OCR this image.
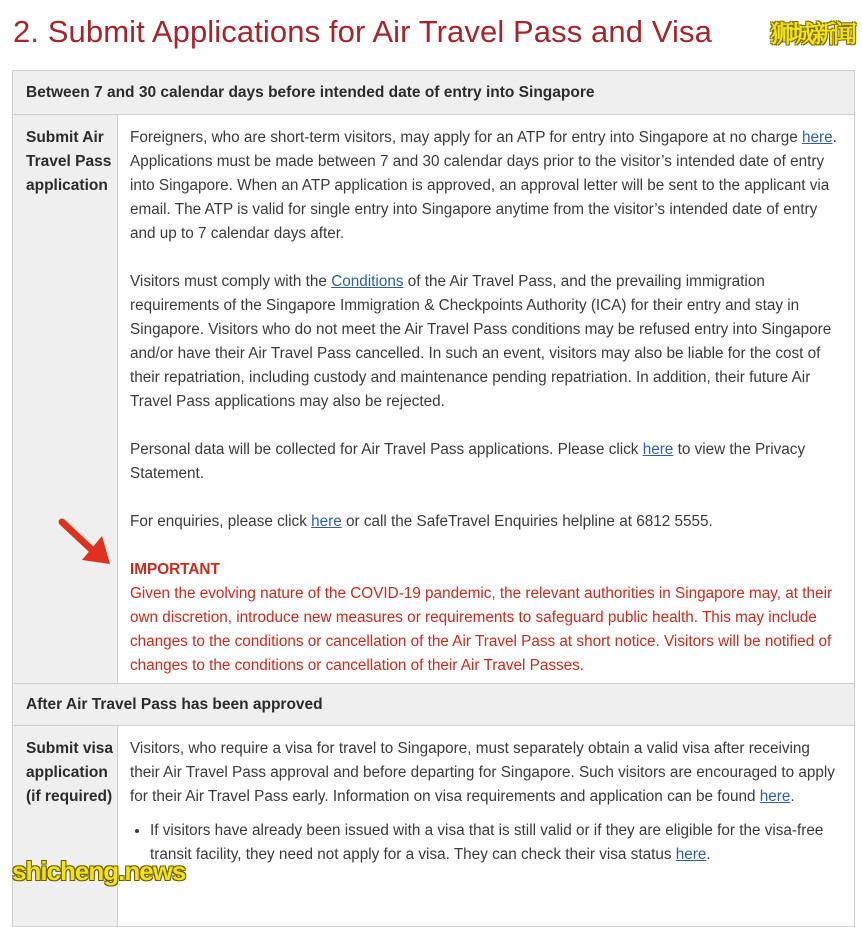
2. Submit Applications for Air Travel Pass and Visa 狮城新闻
Between 7 and 30 calendar days before intended date of entry into Singapore
Submit Air Travel Pass application

Foreigners, who are short-term visitors, may apply for an ATP for entry into Singapore at no charge here. Applications must be made between 7 and 30 calendar days prior to the visitor’s intended date of entry into Singapore. When an ATP application is approved, an approval letter will be sent to the applicant via email. The ATP is valid for single entry into Singapore anytime from the visitor’s intended date of entry and up to 7 calendar days after.

Visitors must comply with the Conditions of the Air Travel Pass, and the prevailing immigration requirements of the Singapore Immigration & Checkpoints Authority (ICA) for their entry and stay in Singapore. Visitors who do not meet the Air Travel Pass conditions may be refused entry into Singapore and/or have their Air Travel Pass cancelled. In such an event, visitors may also be liable for the cost of their repatriation, including custody and maintenance pending repatriation. In addition, their future Air Travel Pass applications may also be rejected.

Personal data will be collected for Air Travel Pass applications. Please click here to view the Privacy Statement.

For enquiries, please click here or call the SafeTravel Enquiries helpline at 6812 5555.

IMPORTANT
Given the evolving nature of the COVID-19 pandemic, the relevant authorities in Singapore may, at their own discretion, introduce new measures or requirements to safeguard public health. This may include changes to the conditions or cancellation of the Air Travel Pass at short notice. Visitors will be notified of changes to the conditions or cancellation of their Air Travel Passes.
After Air Travel Pass has been approved
Submit visa application (if required)

Visitors, who require a visa for travel to Singapore, must separately obtain a valid visa after receiving their Air Travel Pass approval and before departing for Singapore. Such visitors are encouraged to apply for their Air Travel Pass early. Information on visa requirements and application can be found here.

• If visitors have already been issued with a visa that is still valid or if they are eligible for the visa-free transit facility, they need not apply for a visa. They can check their visa status here.
shicheng.news
